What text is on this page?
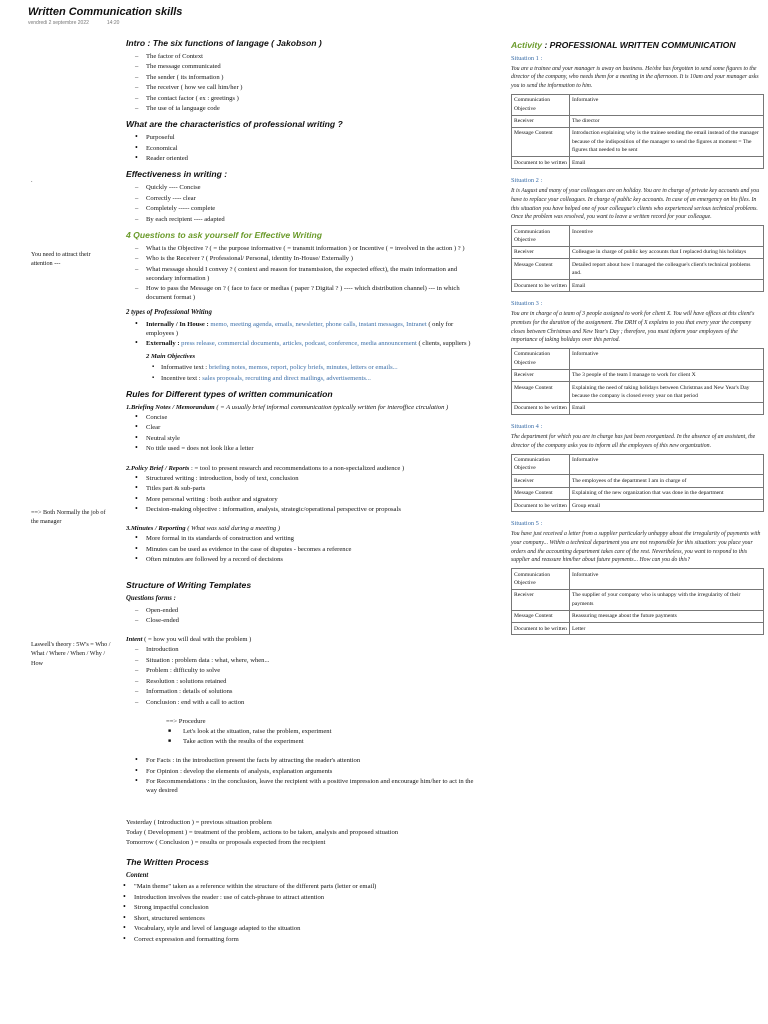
Written Communication skills
vendredi 2 septembre 2022	14:20
.
You need to attract their attention ---
==> Both Normally the job of the manager
Laswell's theory : 5W's = Who / What / Where / When / Why / How
Intro : The six functions of langage ( Jakobson )
– The factor of Context
– The message communicated
– The sender ( its information )
– The receiver ( how we call him/her )
– The contact factor ( ex : greetings )
– The use of ia language code
What are the characteristics of professional writing ?
• Purposeful
• Economical
• Reader oriented
Effectiveness in writing :
– Quickly ---- Concise
– Correctly ---- clear
– Completely ----- complete
– By each recipient ---- adapted
4 Questions to ask yourself for Effective Writing
– What is the Objective ? ( = the purpose informative ( = transmit information ) or Incentive ( = involved in the action ) ? )
– Who is the Receiver ? ( Professional/ Personal, identity In-House/ Externally )
– What message should I convey ? ( context and reason for transmission, the expected effect), the main information and secondary information )
– How to pass the Message on ? ( face to face or medias ( paper ? Digital ? ) ---- which distribution channel) --- in which document format )
2 types of Professional Writing
• Internally / In House : memo, meeting agenda, emails, newsletter, phone calls, instant messages, Intranet ( only for employees )
• Externally : press release, commercial documents, articles, podcast, conference, media announcement ( clients, suppliers )
2 Main Objectives
▪ Informative text : briefing notes, memos, report, policy briefs, minutes, letters or emails...
▪ Incentive text : sales proposals, recruiting and direct mailings, advertisements...
Rules for Different types of written communication
1.Briefing Notes / Memorandum ( = A usually brief informal communication typically written for interoffice circulation )
• Concise
• Clear
• Neutral style
• No title used = does not look like a letter
2.Policy Brief / Reports : = tool to present research and recommendations to a non-specialized audience )
• Structured writing : introduction, body of text, conclusion
• Titles part & sub-parts
• More personal writing : both author and signatory
• Decision-making objective : information, analysis, strategic/operational perspective or proposals
3.Minutes / Reporting ( What was said during a meeting )
• More formal in its standards of construction and writing
• Minutes can be used as evidence in the case of disputes - becomes a reference
• Often minutes are followed by a record of decisions
Structure of Writing Templates
Questions forms :
– Open-ended
– Close-ended
Intent ( = how you will deal with the problem )
– Introduction
– Situation : problem data : what, where, when...
– Problem : difficulty to solve
– Resolution : solutions retained
– Information : details of solutions
– Conclusion : end with a call to action
==> Procedure
■ Let's look at the situation, raise the problem, experiment
■ Take action with the results of the experiment
• For Facts : in the introduction present the facts by attracting the reader's attention
• For Opinion : develop the elements of analysis, explanation arguments
• For Recommendations : in the conclusion, leave the recipient with a positive impression and encourage him/her to act in the way desired
Yesterday ( Introduction ) = previous situation problem
Today ( Development ) = treatment of the problem, actions to be taken, analysis and proposed situation
Tomorrow ( Conclusion ) = results or proposals expected from the recipient
The Written Process
Content
• "Main theme" taken as a reference within the structure of the different parts (letter or email)
• Introduction involves the reader : use of catch-phrase to attract attention
• Strong impactful conclusion
• Short, structured sentences
• Vocabulary, style and level of language adapted to the situation
• Correct expression and formatting form
Activity : PROFESSIONAL WRITTEN COMMUNICATION
Situation 1 :
You are a trainee and your manager is away on business. He/she has forgotten to send some figures to the director of the company, who needs them for a meeting in the afternoon. It is 10am and your manager asks you to send the information to him.
Communication Objective	Informative
Receiver	The director
Message Content	Introduction explaining why is the trainee sending the email instead of the manager because of the indisposition of the manager to send the figures at moment = The figures that needed to be sent
Document to be written	Email
Situation 2 :
It is August and many of your colleagues are on holiday. You are in charge of private key accounts and you have to replace your colleagues. In charge of public key accounts. In case of an emergency on his files. In this situation you have helped one of your colleague's clients who experienced serious technical problems. Once the problem was resolved, you want to leave a written record for your colleague.
Communication Objective	Incentive
Receiver	Colleague in charge of public key accounts that I replaced during his holidays
Message Content	Detailed report about how I managed the colleague's client's technical problems and.
Document to be written	Email
Situation 3 :
You are in charge of a team of 3 people assigned to work for client X. You will have offices at this client's premises for the duration of the assignment. The DRH of X explains to you that every year the company closes between Christmas and New Year's Day ; therefore, you must inform your employees of the importance of taking holidays over this period.
Communication Objective	Informative
Receiver	The 3 people of the team I manage to work for client X
Message Content	Explaining the need of taking holidays between Christmas and New Year's Day because the company is closed every year on that period
Document to be written	Email
Situation 4 :
The department for which you are in charge has just been reorganized. In the absence of an assistant, the director of the company asks you to inform all the employees of this new organization.
Communication Objective	Informative
Receiver	The employees of the department I am in charge of
Message Content	Explaining of the new organization that was done in the department
Document to be written	Group email
Situation 5 :
You have just received a letter from a supplier particularly unhappy about the irregularity of payments with your company... Within a technical department you are not responsible for this situation: you place your orders and the accounting department takes care of the rest. Nevertheless, you want to respond to this supplier and reassure him/her about future payments... How can you do this?
Communication Objective	Informative
Receiver	The supplier of your company who is unhappy with the irregularity of their payments
Message Content	Reassuring message about the future payments
Document to be written	Letter
